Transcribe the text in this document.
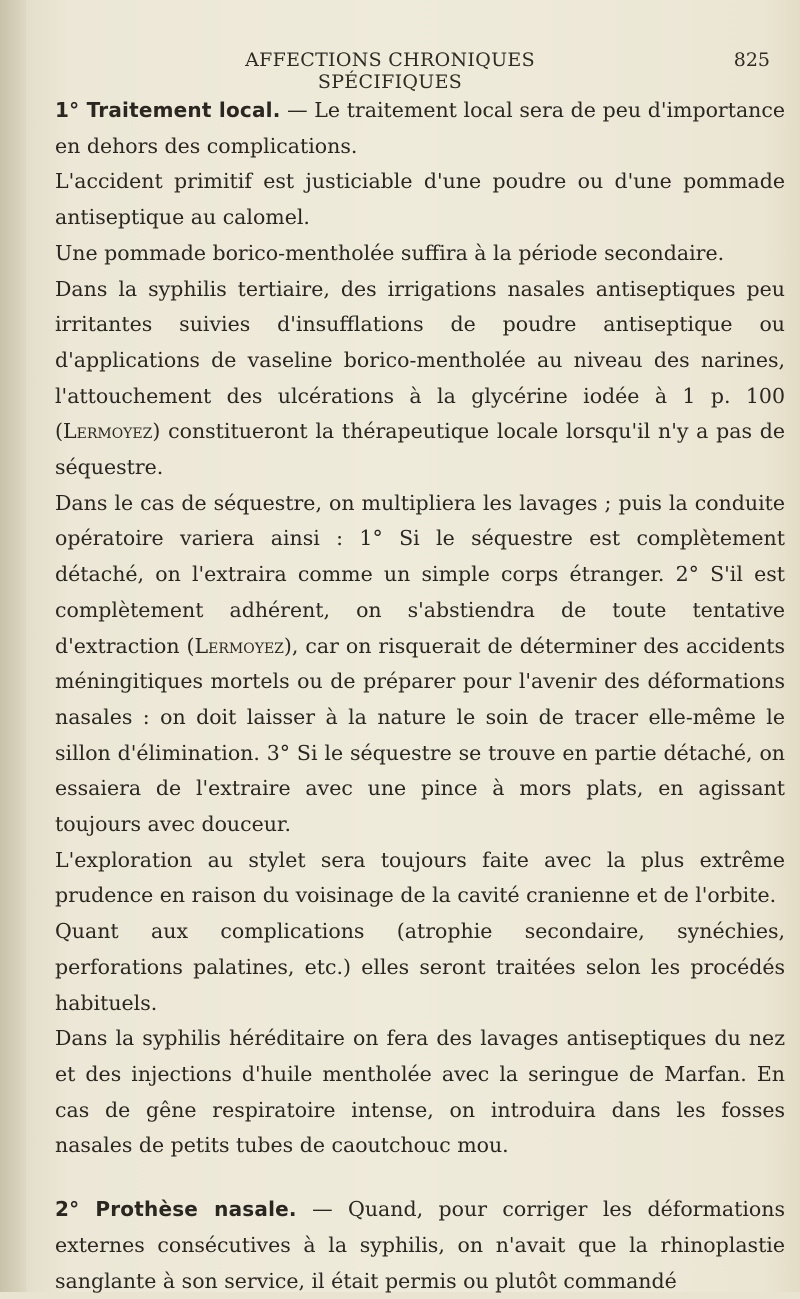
AFFECTIONS CHRONIQUES SPÉCIFIQUES
825

1° Traitement local. — Le traitement local sera de peu d'importance en dehors des complications.

L'accident primitif est justiciable d'une poudre ou d'une pommade antiseptique au calomel.

Une pommade borico-mentholée suffira à la période secondaire.

Dans la syphilis tertiaire, des irrigations nasales antiseptiques peu irritantes suivies d'insufflations de poudre antiseptique ou d'applications de vaseline borico-mentholée au niveau des narines, l'attouchement des ulcérations à la glycérine iodée à 1 p. 100 (Lermoyez) constitueront la thérapeutique locale lorsqu'il n'y a pas de séquestre.

Dans le cas de séquestre, on multipliera les lavages ; puis la conduite opératoire variera ainsi : 1° Si le séquestre est complètement détaché, on l'extraira comme un simple corps étranger. 2° S'il est complètement adhérent, on s'abstiendra de toute tentative d'extraction (Lermoyez), car on risquerait de déterminer des accidents méningitiques mortels ou de préparer pour l'avenir des déformations nasales : on doit laisser à la nature le soin de tracer elle-même le sillon d'élimination. 3° Si le séquestre se trouve en partie détaché, on essaiera de l'extraire avec une pince à mors plats, en agissant toujours avec douceur.

L'exploration au stylet sera toujours faite avec la plus extrême prudence en raison du voisinage de la cavité cranienne et de l'orbite.

Quant aux complications (atrophie secondaire, synéchies, perforations palatines, etc.) elles seront traitées selon les procédés habituels.

Dans la syphilis héréditaire on fera des lavages antiseptiques du nez et des injections d'huile mentholée avec la seringue de Marfan. En cas de gêne respiratoire intense, on introduira dans les fosses nasales de petits tubes de caoutchouc mou.

2° Prothèse nasale. — Quand, pour corriger les déformations externes consécutives à la syphilis, on n'avait que la rhinoplastie sanglante à son service, il était permis ou plutôt commandé
